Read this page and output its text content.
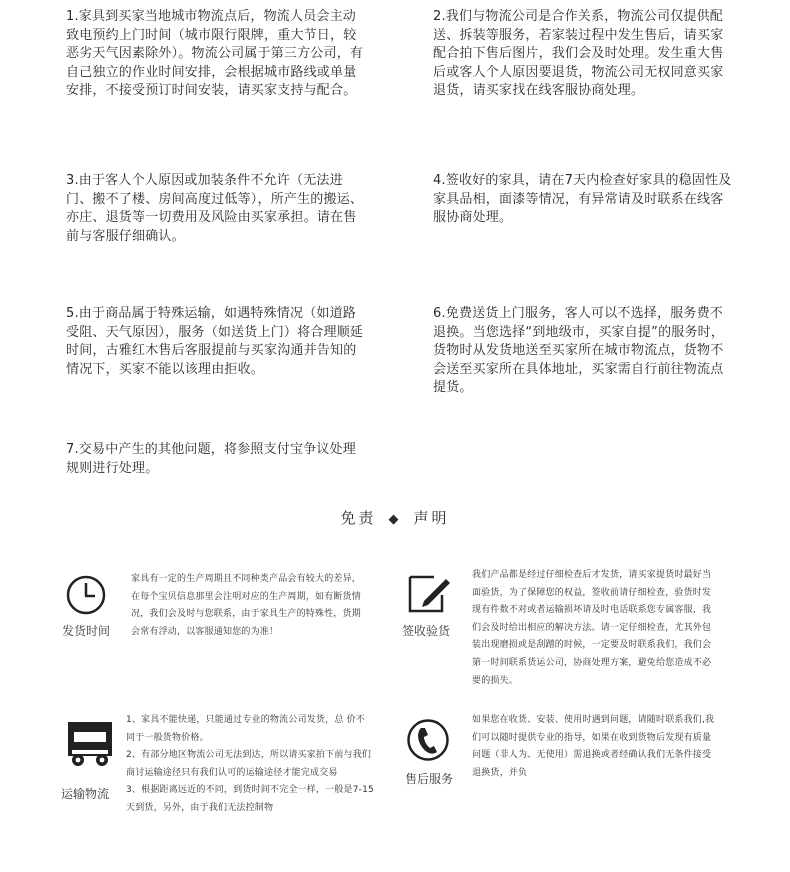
1.家具到买家当地城市物流点后，物流人员会主动致电预约上门时间（城市限行限牌，重大节日，较恶劣天气因素除外）。物流公司属于第三方公司，有自己独立的作业时间安排，会根据城市路线或单量安排，不接受预订时间安装，请买家支持与配合。
2.我们与物流公司是合作关系，物流公司仅提供配送、拆装等服务，若家装过程中发生售后，请买家配合拍下售后图片，我们会及时处理。发生重大售后或客人个人原因要退货，物流公司无权同意买家退货，请买家找在线客服协商处理。
3.由于客人个人原因或加装条件不允许（无法进门、搬不了楼、房间高度过低等），所产生的搬运、亦庄、退货等一切费用及风险由买家承担。请在售前与客服仔细确认。
4.签收好的家具，请在7天内检查好家具的稳固性及家具品相，面漆等情况，有异常请及时联系在线客服协商处理。
5.由于商品属于特殊运输，如遇特殊情况（如道路受阻、天气原因），服务（如送货上门）将合理顺延时间，古雅红木售后客服提前与买家沟通并告知的情况下，买家不能以该理由拒收。
6.免费送货上门服务，客人可以不选择，服务费不退换。当您选择“到地级市，买家自提”的服务时，货物时从发货地送至买家所在城市物流点，货物不会送至买家所在具体地址，买家需自行前往物流点提货。
7.交易中产生的其他问题，将参照支付宝争议处理规则进行处理。
免责 ◆ 声明
发货时间
家具有一定的生产周期且不同种类产品会有较大的差异，在每个宝贝信息那里会注明对应的生产周期，如有断货情况，我们会及时与您联系，由于家具生产的特殊性，货期会常有浮动，以客服通知您的为准！	签收验货
我们产品都是经过仔细检查后才发货，请买家提货时最好当面验货，为了保障您的权益，签收前请仔细检查，验货时发现有件数不对或者运输损坏请及时电话联系您专属客服，我们会及时给出相应的解决方法。请一定仔细检查，尤其外包装出现磨损或是刮蹭的时候，一定要及时联系我们，我们会第一时间联系货运公司，协商处理方案，避免给您造成不必要的损失。
运输物流
1、家具不能快递，只能通过专业的物流公司发货，总 价不同于一般货物价格。
2、有部分地区物流公司无法到达，所以请买家拍下前与我们商讨运输途径只有我们认可的运输途径才能完成交易
3、根据距离远近的不同，到货时间不完全一样，一般是7-15天到货，另外，由于我们无法控制物
售后服务
如果您在收货、安装、使用时遇到问题，请随时联系我们,我们可以随时提供专业的指导，如果在收到货物后发现有质量问题（非人为、无使用）需退换或者经确认我们无条件接受退换货，并负
